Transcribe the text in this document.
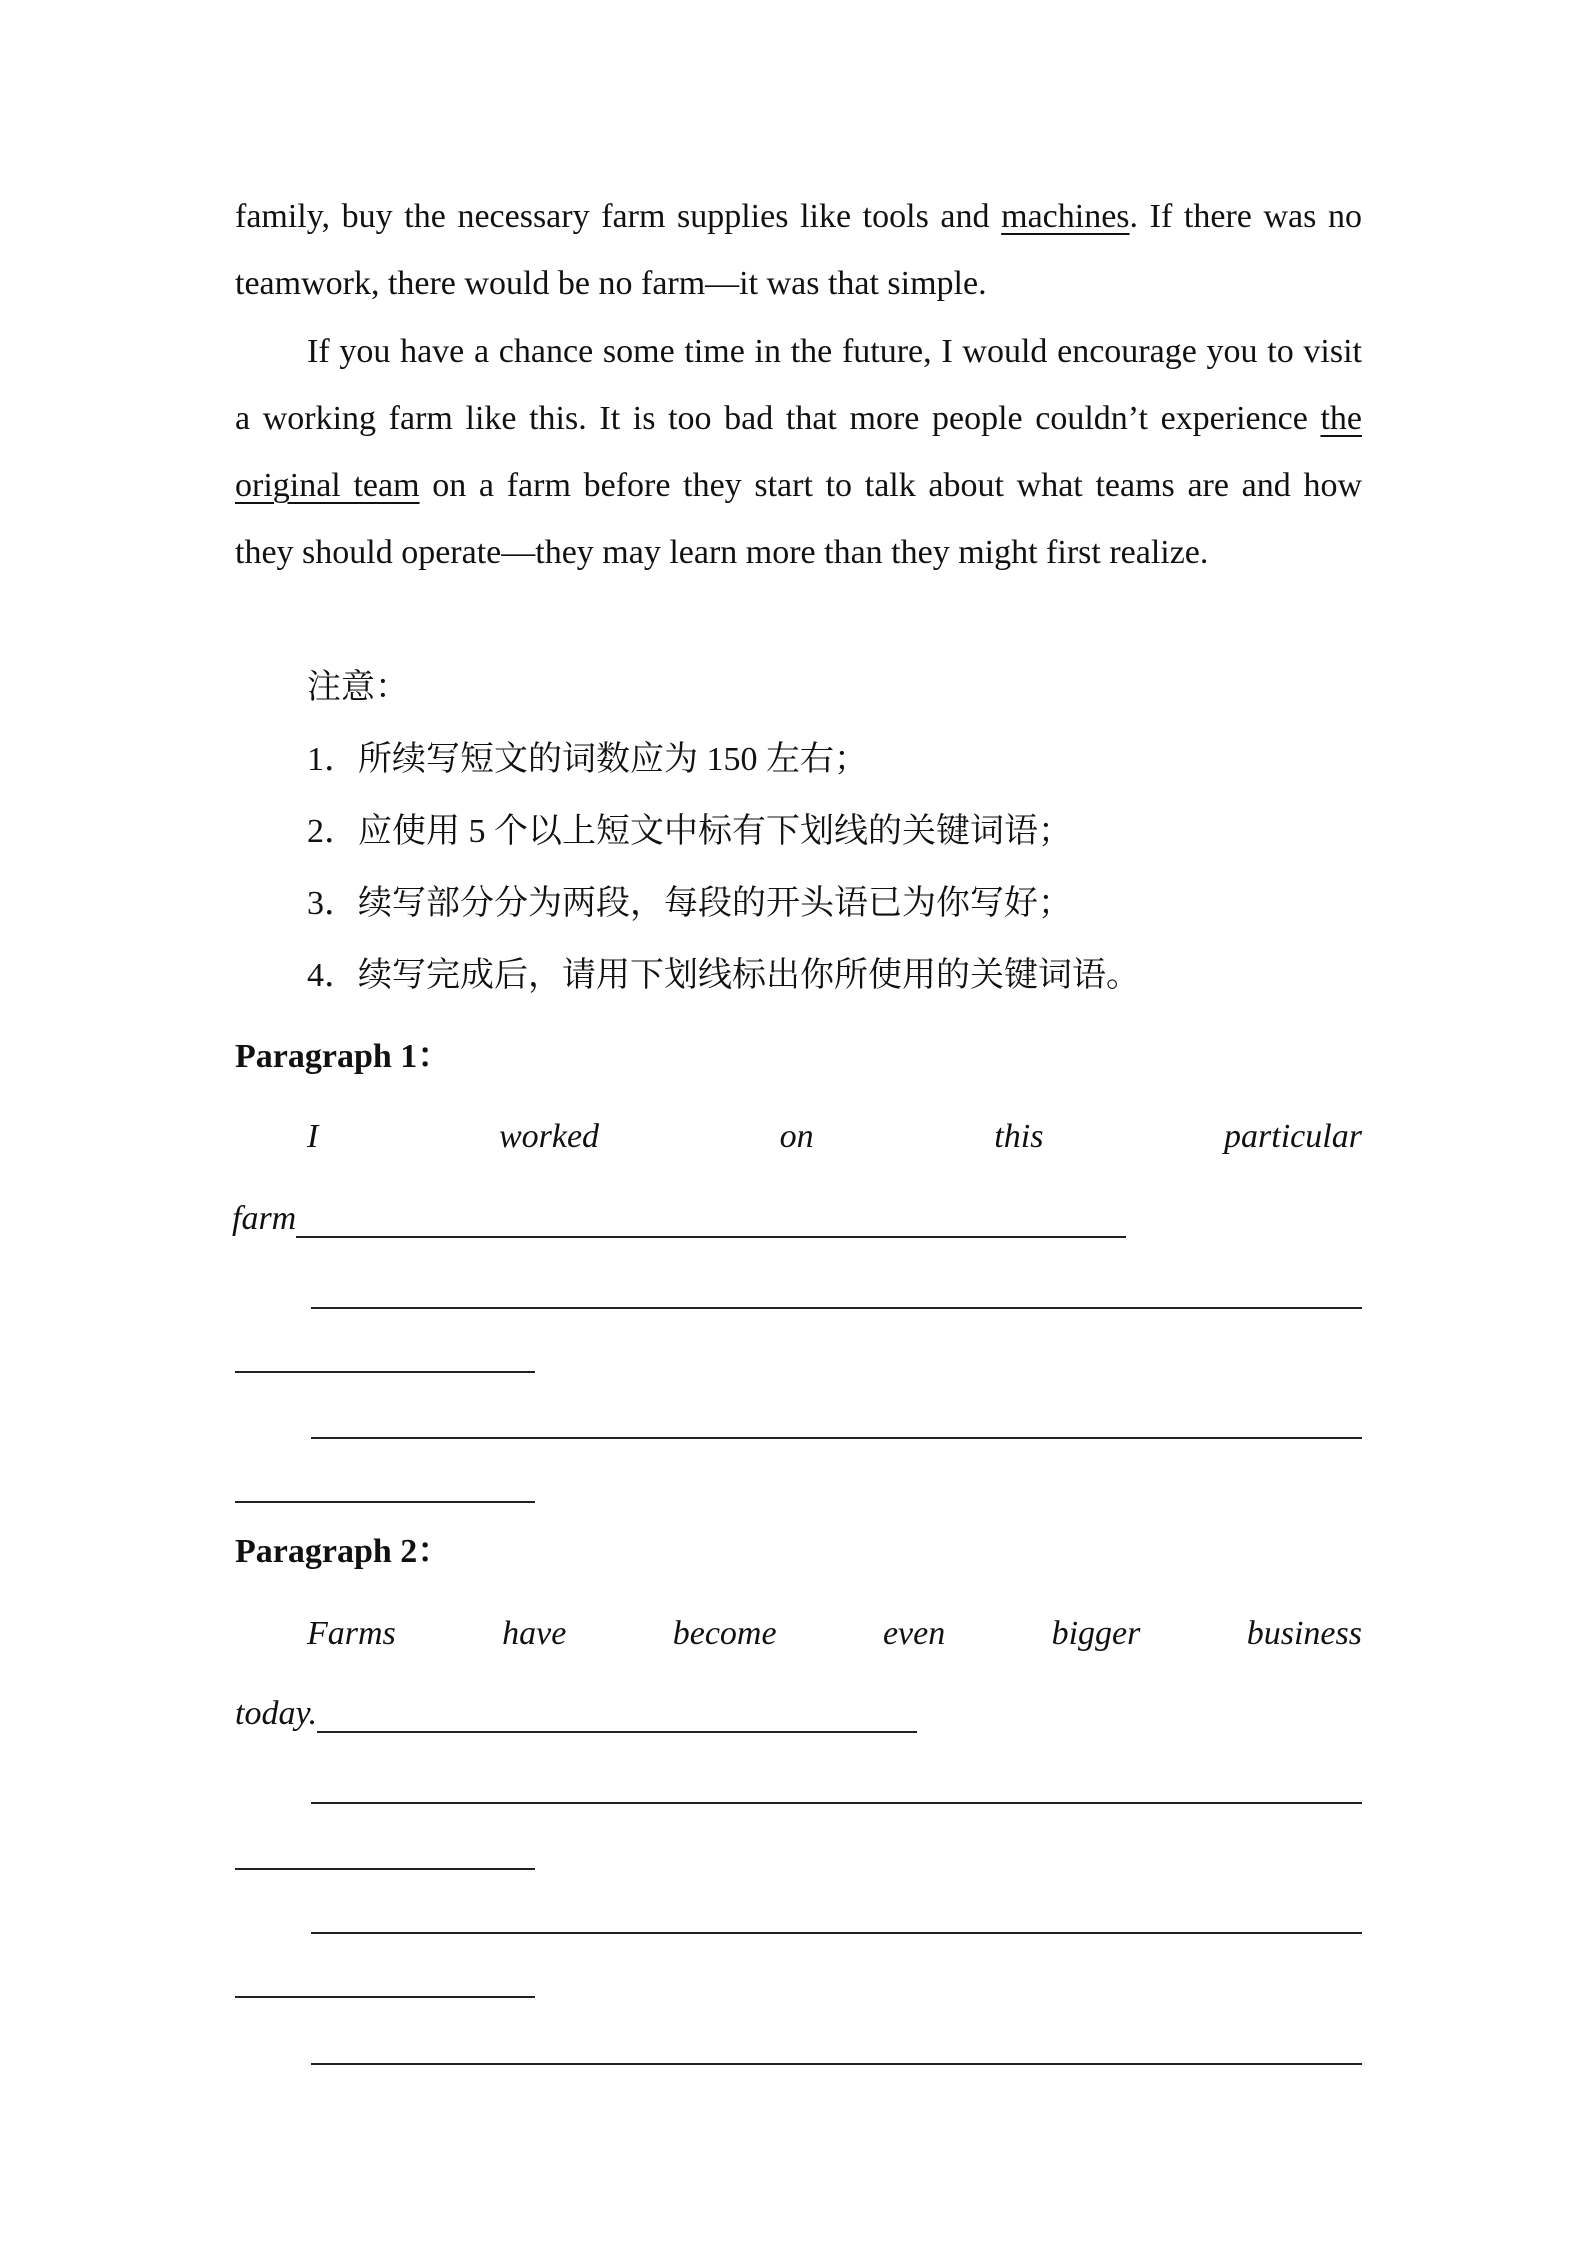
family, buy the necessary farm supplies like tools and machines. If there was no teamwork, there would be no farm—it was that simple.

If you have a chance some time in the future, I would encourage you to visit a working farm like this. It is too bad that more people couldn’t experience the original team on a farm before they start to talk about what teams are and how they should operate—they may learn more than they might first realize.

注意：

1．所续写短文的词数应为 150 左右；

2．应使用 5 个以上短文中标有下划线的关键词语；

3．续写部分分为两段，每段的开头语已为你写好；

4．续写完成后，请用下划线标出你所使用的关键词语。

Paragraph 1：

I	worked	on	this	particular
farm

Paragraph 2：

Farms	have	become	even	bigger	business
today.
